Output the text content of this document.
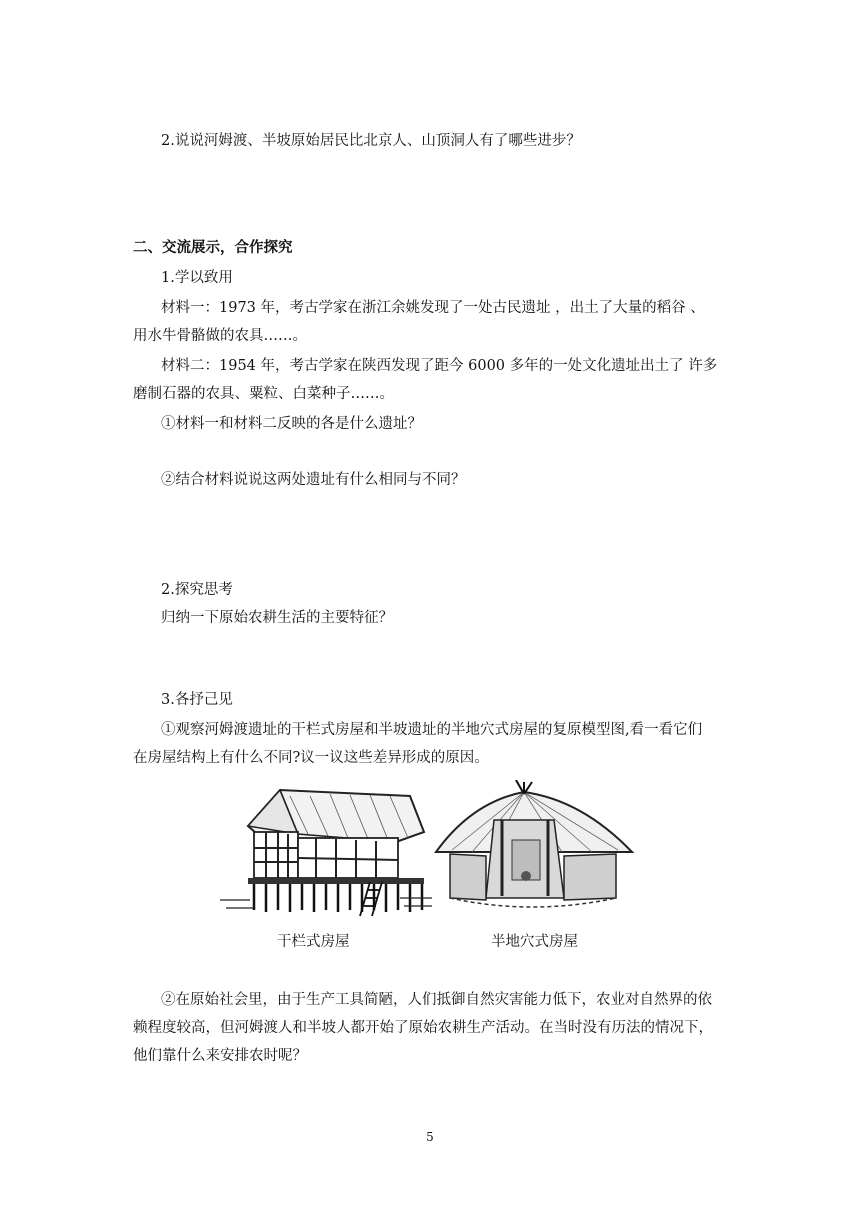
2.说说河姆渡、半坡原始居民比北京人、山顶洞人有了哪些进步？
二、交流展示，合作探究
1.学以致用
材料一：1973 年，考古学家在浙江余姚发现了一处古民遗址 ，出土了大量的稻谷 、
用水牛骨骼做的农具……。
材料二：1954 年，考古学家在陕西发现了距今 6000 多年的一处文化遗址出土了 许多
磨制石器的农具、粟粒、白菜种子……。
①材料一和材料二反映的各是什么遗址？
②结合材料说说这两处遗址有什么相同与不同？
2.探究思考
归纳一下原始农耕生活的主要特征？
3.各抒己见
①观察河姆渡遗址的干栏式房屋和半坡遗址的半地穴式房屋的复原模型图,看一看它们
在房屋结构上有什么不同?议一议这些差异形成的原因。
干栏式房屋	半地穴式房屋
②在原始社会里，由于生产工具简陋，人们抵御自然灾害能力低下，农业对自然界的依
赖程度较高，但河姆渡人和半坡人都开始了原始农耕生产活动。在当时没有历法的情况下，
他们靠什么来安排农时呢？
5
